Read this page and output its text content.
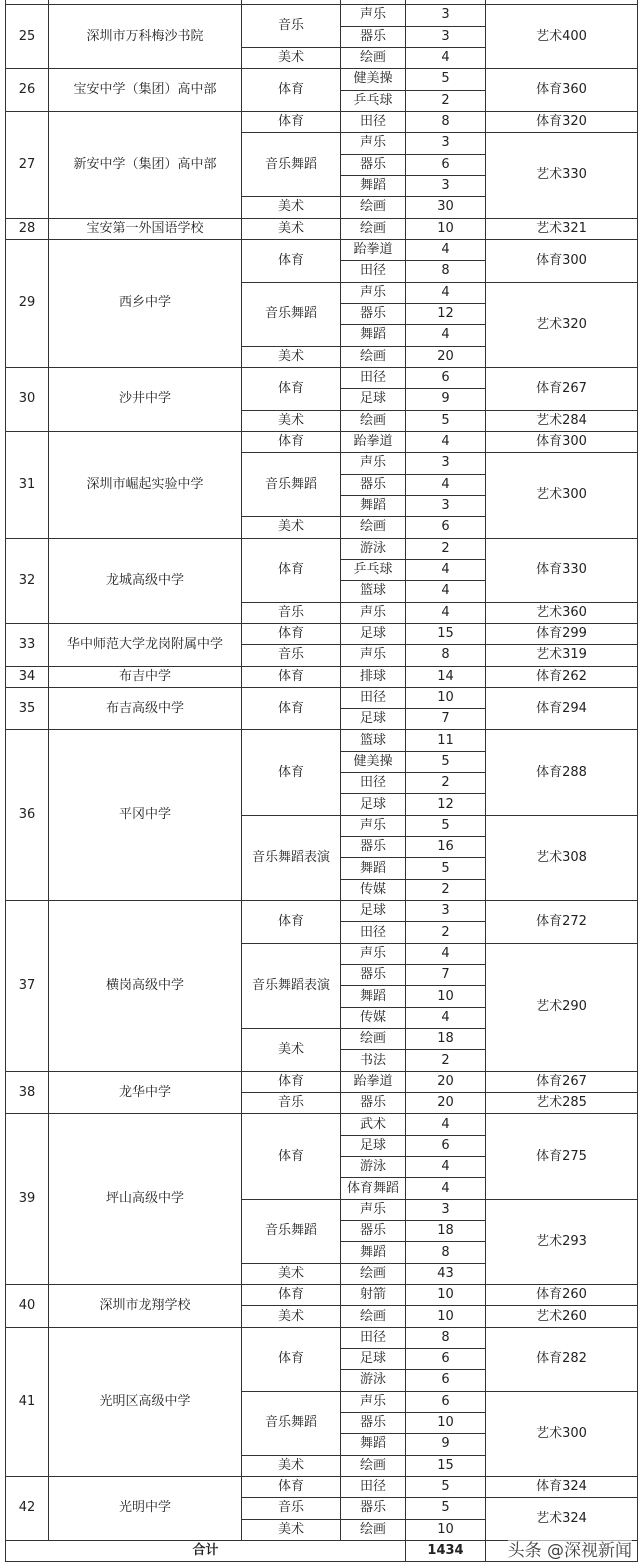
25	深圳市万科梅沙书院	音乐	声乐	3	艺术400
			器乐	3	
		美术	绘画	4	
26	宝安中学（集团）高中部	体育	健美操	5	体育360
			乒乓球	2	
27	新安中学（集团）高中部	体育	田径	8	体育320
		音乐舞蹈	声乐	3	艺术330
			器乐	6	
			舞蹈	3	
		美术	绘画	30	
28	宝安第一外国语学校	美术	绘画	10	艺术321
29	西乡中学	体育	跆拳道	4	体育300
			田径	8	
		音乐舞蹈	声乐	4	艺术320
			器乐	12	
			舞蹈	4	
		美术	绘画	20	
30	沙井中学	体育	田径	6	体育267
			足球	9	
		美术	绘画	5	艺术284
31	深圳市崛起实验中学	体育	跆拳道	4	体育300
		音乐舞蹈	声乐	3	艺术300
			器乐	4	
			舞蹈	3	
		美术	绘画	6	
32	龙城高级中学	体育	游泳	2	体育330
			乒乓球	4	
			篮球	4	
		音乐	声乐	4	艺术360
33	华中师范大学龙岗附属中学	体育	足球	15	体育299
		音乐	声乐	8	艺术319
34	布吉中学	体育	排球	14	体育262
35	布吉高级中学	体育	田径	10	体育294
			足球	7	
36	平冈中学	体育	篮球	11	体育288
			健美操	5	
			田径	2	
			足球	12	
		音乐舞蹈表演	声乐	5	艺术308
			器乐	16	
			舞蹈	5	
			传媒	2	
37	横岗高级中学	体育	足球	3	体育272
			田径	2	
		音乐舞蹈表演	声乐	4	艺术290
			器乐	7	
			舞蹈	10	
			传媒	4	
		美术	绘画	18	
			书法	2	
38	龙华中学	体育	跆拳道	20	体育267
		音乐	器乐	20	艺术285
39	坪山高级中学	体育	武术	4	体育275
			足球	6	
			游泳	4	
			体育舞蹈	4	
		音乐舞蹈	声乐	3	艺术293
			器乐	18	
			舞蹈	8	
		美术	绘画	43	
40	深圳市龙翔学校	体育	射箭	10	体育260
		美术	绘画	10	艺术260
41	光明区高级中学	体育	田径	8	体育282
			足球	6	
			游泳	6	
		音乐舞蹈	声乐	6	艺术300
			器乐	10	
			舞蹈	9	
		美术	绘画	15	
42	光明中学	体育	田径	5	体育324
		音乐	器乐	5	艺术324
		美术	绘画	10	
合计				1434		头条 @深视新闻
